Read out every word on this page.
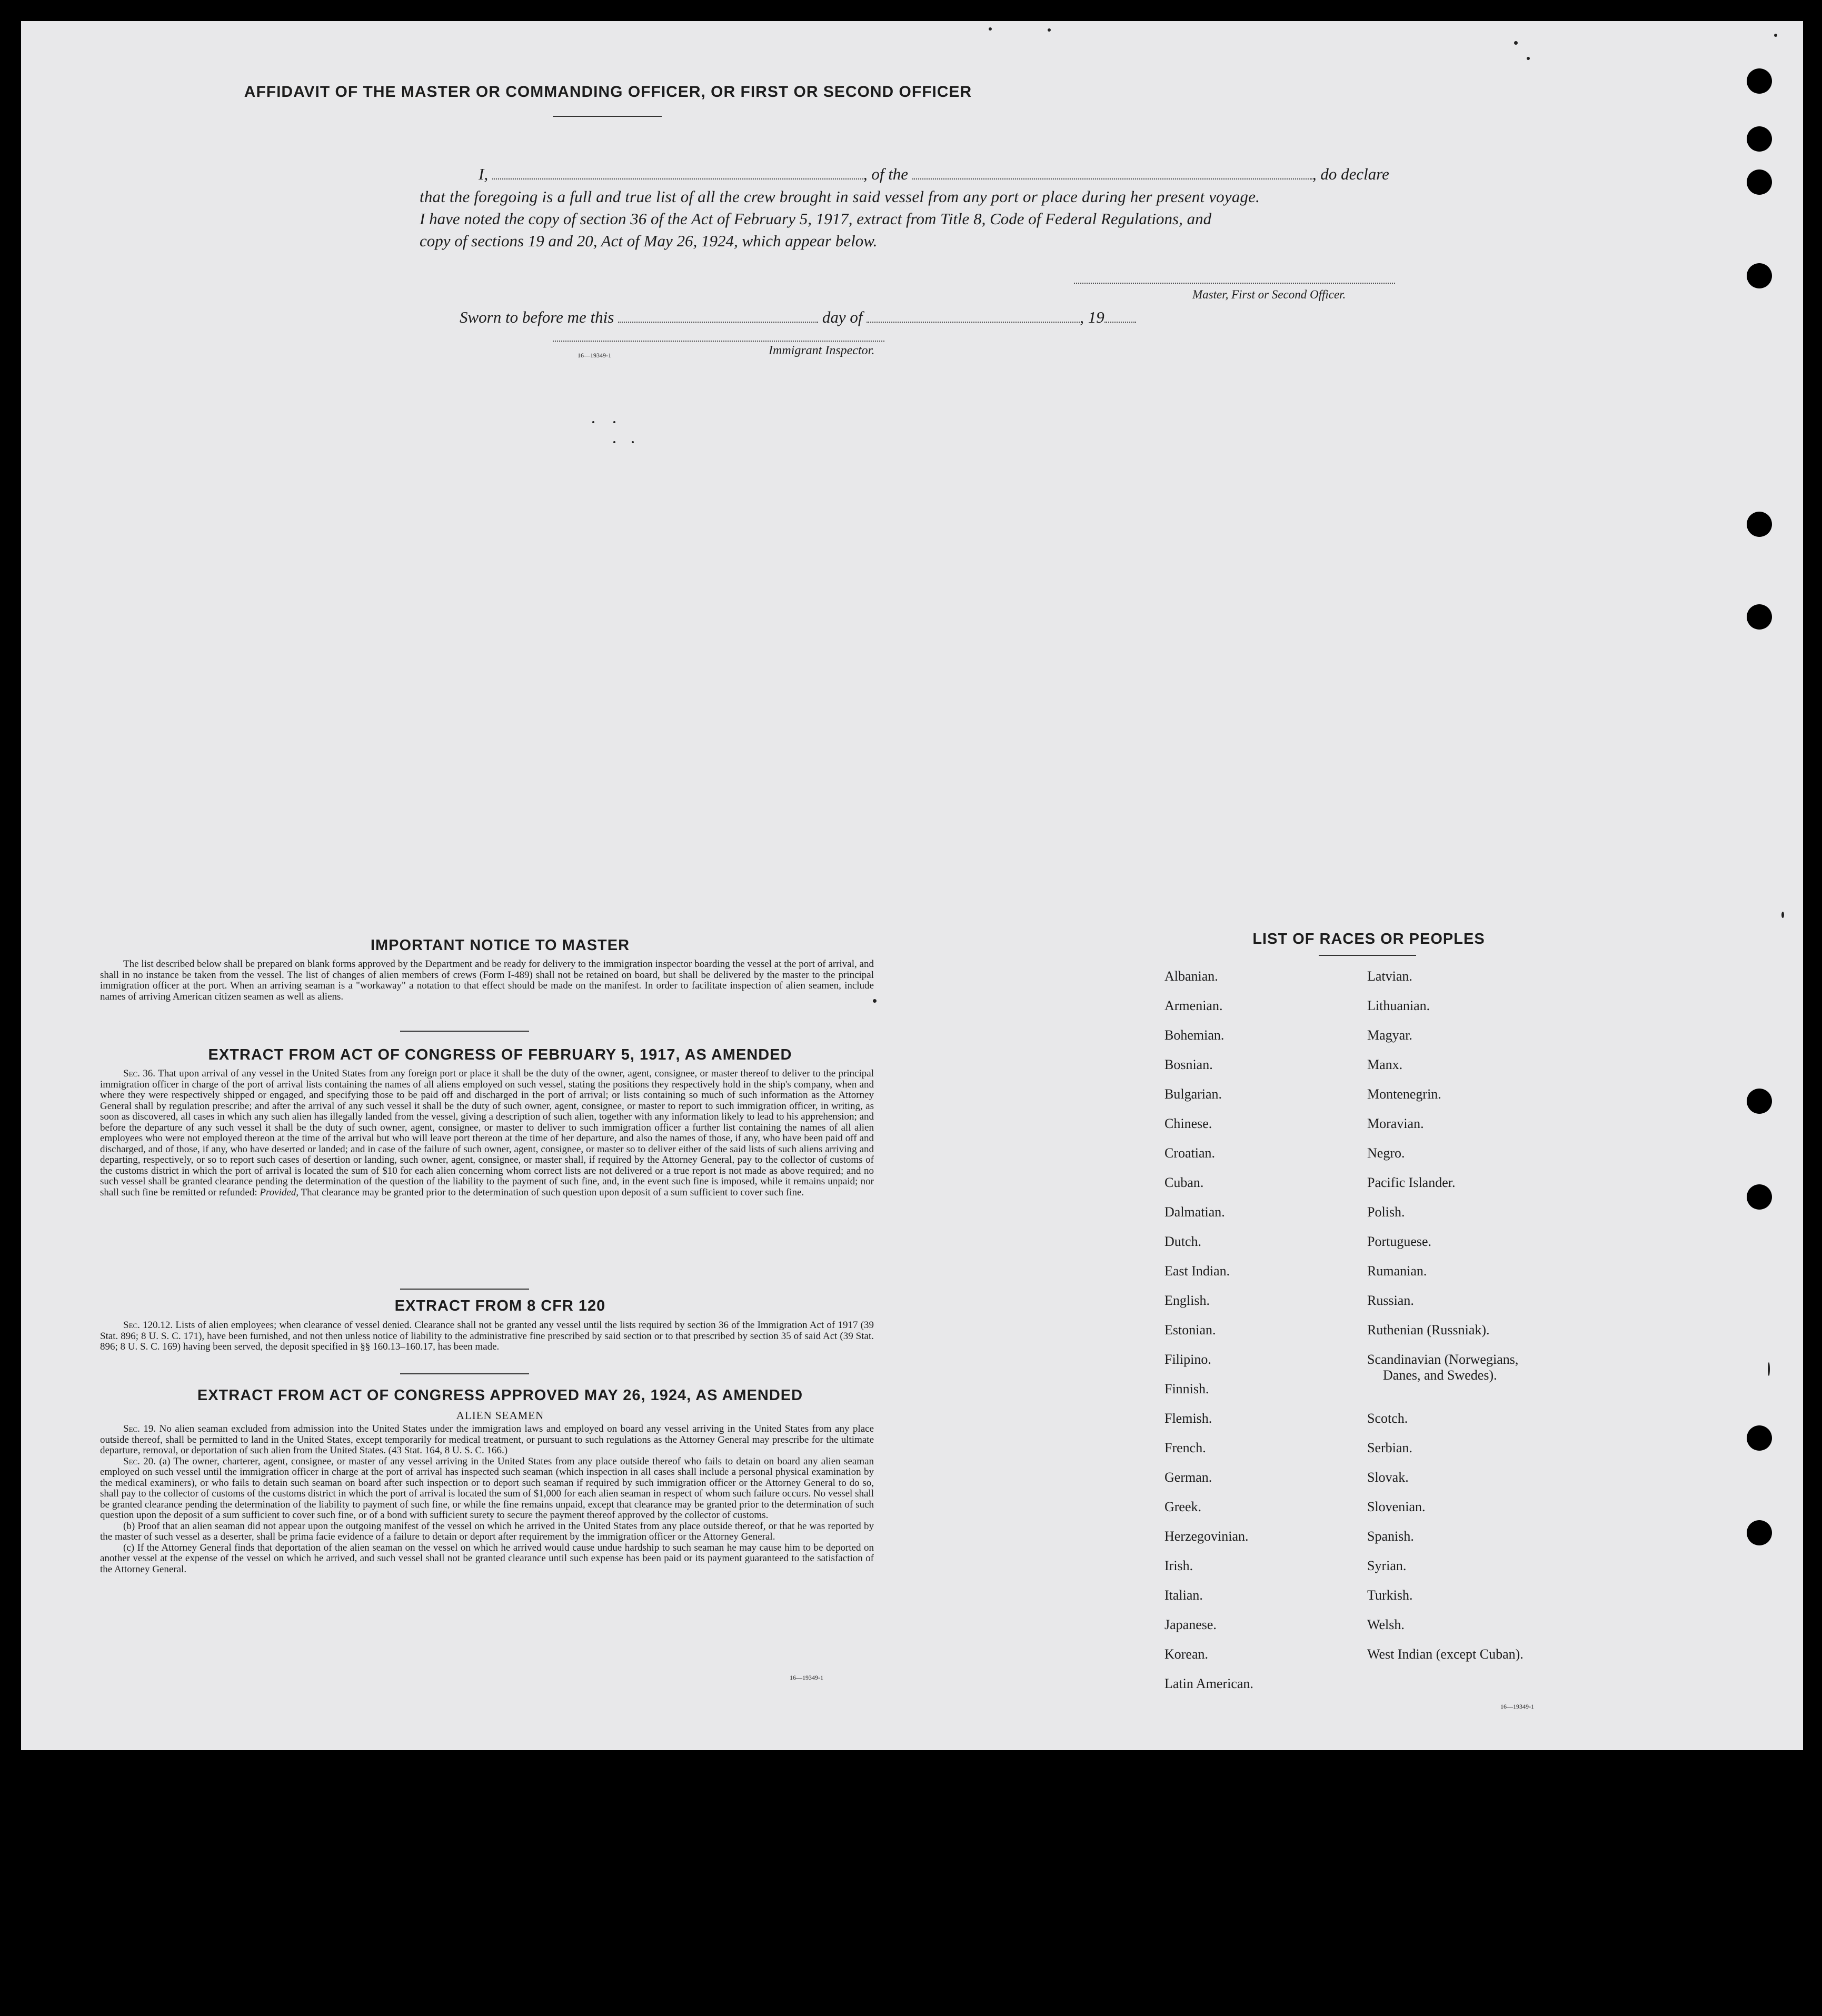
AFFIDAVIT OF THE MASTER OR COMMANDING OFFICER, OR FIRST OR SECOND OFFICER
I,	, of the	, do declare
that the foregoing is a full and true list of all the crew brought in said vessel from any port or place during her present voyage.
I have noted the copy of section 36 of the Act of February 5, 1917, extract from Title 8, Code of Federal Regulations, and
copy of sections 19 and 20, Act of May 26, 1924, which appear below.
Master, First or Second Officer.
Sworn to before me this	day of	, 19
Immigrant Inspector.
16—19349-1
IMPORTANT NOTICE TO MASTER

The list described below shall be prepared on blank forms approved by the Department and be ready for delivery to the immigration inspector boarding the vessel at the port of arrival, and shall in no instance be taken from the vessel. The list of changes of alien members of crews (Form I-489) shall not be retained on board, but shall be delivered by the master to the principal immigration officer at the port. When an arriving seaman is a "workaway" a notation to that effect should be made on the manifest. In order to facilitate inspection of alien seamen, include names of arriving American citizen seamen as well as aliens.

EXTRACT FROM ACT OF CONGRESS OF FEBRUARY 5, 1917, AS AMENDED

Sec. 36. That upon arrival of any vessel in the United States from any foreign port or place it shall be the duty of the owner, agent, consignee, or master thereof to deliver to the principal immigration officer in charge of the port of arrival lists containing the names of all aliens employed on such vessel, stating the positions they respectively hold in the ship's company, when and where they were respectively shipped or engaged, and specifying those to be paid off and discharged in the port of arrival; or lists containing so much of such information as the Attorney General shall by regulation prescribe; and after the arrival of any such vessel it shall be the duty of such owner, agent, consignee, or master to report to such immigration officer, in writing, as soon as discovered, all cases in which any such alien has illegally landed from the vessel, giving a description of such alien, together with any information likely to lead to his apprehension; and before the departure of any such vessel it shall be the duty of such owner, agent, consignee, or master to deliver to such immigration officer a further list containing the names of all alien employees who were not employed thereon at the time of the arrival but who will leave port thereon at the time of her departure, and also the names of those, if any, who have been paid off and discharged, and of those, if any, who have deserted or landed; and in case of the failure of such owner, agent, consignee, or master so to deliver either of the said lists of such aliens arriving and departing, respectively, or so to report such cases of desertion or landing, such owner, agent, consignee, or master shall, if required by the Attorney General, pay to the collector of customs of the customs district in which the port of arrival is located the sum of $10 for each alien concerning whom correct lists are not delivered or a true report is not made as above required; and no such vessel shall be granted clearance pending the determination of the question of the liability to the payment of such fine, and, in the event such fine is imposed, while it remains unpaid; nor shall such fine be remitted or refunded: Provided, That clearance may be granted prior to the determination of such question upon deposit of a sum sufficient to cover such fine.

EXTRACT FROM 8 CFR 120

Sec. 120.12. Lists of alien employees; when clearance of vessel denied. Clearance shall not be granted any vessel until the lists required by section 36 of the Immigration Act of 1917 (39 Stat. 896; 8 U. S. C. 171), have been furnished, and not then unless notice of liability to the administrative fine prescribed by said section or to that prescribed by section 35 of said Act (39 Stat. 896; 8 U. S. C. 169) having been served, the deposit specified in §§ 160.13–160.17, has been made.

EXTRACT FROM ACT OF CONGRESS APPROVED MAY 26, 1924, AS AMENDED
ALIEN SEAMEN

Sec. 19. No alien seaman excluded from admission into the United States under the immigration laws and employed on board any vessel arriving in the United States from any place outside thereof, shall be permitted to land in the United States, except temporarily for medical treatment, or pursuant to such regulations as the Attorney General may prescribe for the ultimate departure, removal, or deportation of such alien from the United States. (43 Stat. 164, 8 U. S. C. 166.)

Sec. 20. (a) The owner, charterer, agent, consignee, or master of any vessel arriving in the United States from any place outside thereof who fails to detain on board any alien seaman employed on such vessel until the immigration officer in charge at the port of arrival has inspected such seaman (which inspection in all cases shall include a personal physical examination by the medical examiners), or who fails to detain such seaman on board after such inspection or to deport such seaman if required by such immigration officer or the Attorney General to do so, shall pay to the collector of customs of the customs district in which the port of arrival is located the sum of $1,000 for each alien seaman in respect of whom such failure occurs. No vessel shall be granted clearance pending the determination of the liability to payment of such fine, or while the fine remains unpaid, except that clearance may be granted prior to the determination of such question upon the deposit of a sum sufficient to cover such fine, or of a bond with sufficient surety to secure the payment thereof approved by the collector of customs.

(b) Proof that an alien seaman did not appear upon the outgoing manifest of the vessel on which he arrived in the United States from any place outside thereof, or that he was reported by the master of such vessel as a deserter, shall be prima facie evidence of a failure to detain or deport after requirement by the immigration officer or the Attorney General.

(c) If the Attorney General finds that deportation of the alien seaman on the vessel on which he arrived would cause undue hardship to such seaman he may cause him to be deported on another vessel at the expense of the vessel on which he arrived, and such vessel shall not be granted clearance until such expense has been paid or its payment guaranteed to the satisfaction of the Attorney General.

16—19349-1
LIST OF RACES OR PEOPLES
Albanian.
Armenian.
Bohemian.
Bosnian.
Bulgarian.
Chinese.
Croatian.
Cuban.
Dalmatian.
Dutch.
East Indian.
English.
Estonian.
Filipino.
Finnish.
Flemish.
French.
German.
Greek.
Herzegovinian.
Irish.
Italian.
Japanese.
Korean.
Latin American.
Latvian.
Lithuanian.
Magyar.
Manx.
Montenegrin.
Moravian.
Negro.
Pacific Islander.
Polish.
Portuguese.
Rumanian.
Russian.
Ruthenian (Russniak).
Scandinavian (Norwegians,
Danes, and Swedes).
Scotch.
Serbian.
Slovak.
Slovenian.
Spanish.
Syrian.
Turkish.
Welsh.
West Indian (except Cuban).
16—19349-1
